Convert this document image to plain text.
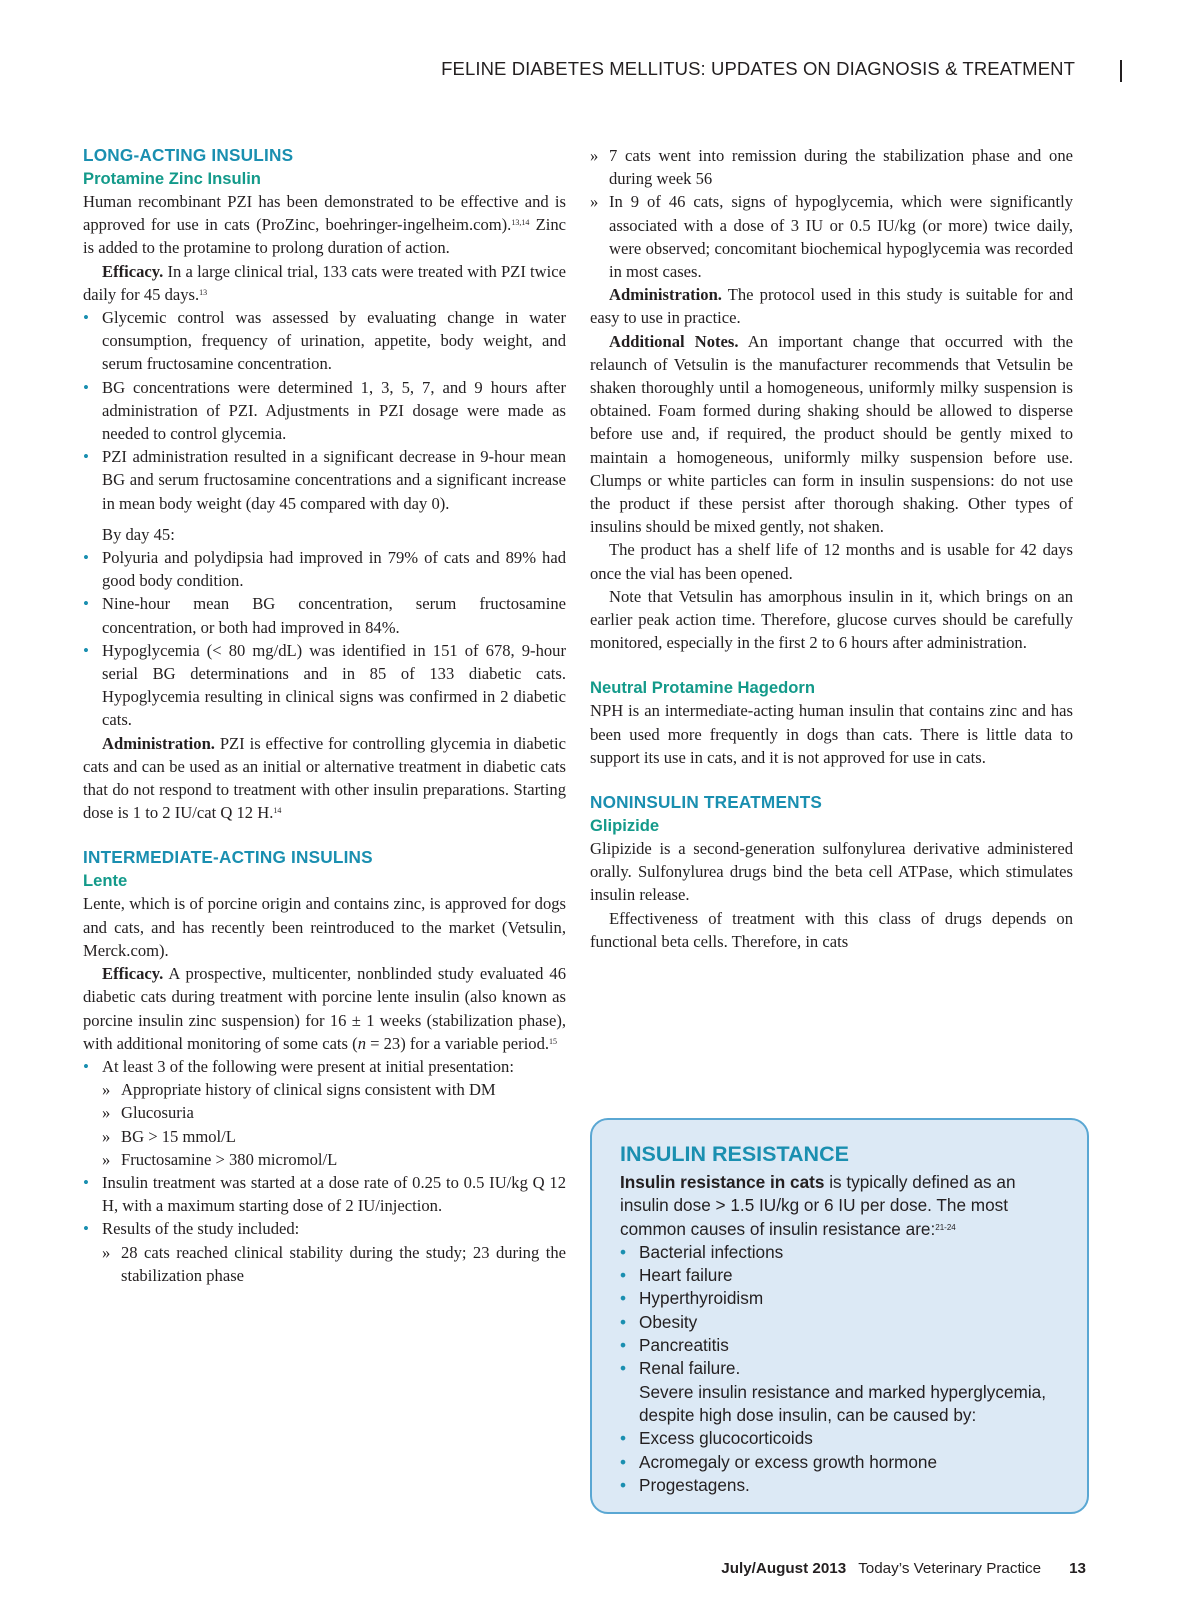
FELINE DIABETES MELLITUS: UPDATES ON DIAGNOSIS & TREATMENT
LONG-ACTING INSULINS
Protamine Zinc Insulin

Human recombinant PZI has been demonstrated to be effective and is approved for use in cats (ProZinc, boehringer-ingelheim.com).$^{13,14}$ Zinc is added to the protamine to prolong duration of action.

Efficacy. In a large clinical trial, 133 cats were treated with PZI twice daily for 45 days.$^{13}$

• Glycemic control was assessed by evaluating change in water consumption, frequency of urination, appetite, body weight, and serum fructosamine concentration.
• BG concentrations were determined 1, 3, 5, 7, and 9 hours after administration of PZI. Adjustments in PZI dosage were made as needed to control glycemia.
• PZI administration resulted in a significant decrease in 9-hour mean BG and serum fructosamine concentrations and a significant increase in mean body weight (day 45 compared with day 0).
By day 45:
• Polyuria and polydipsia had improved in 79% of cats and 89% had good body condition.
• Nine-hour mean BG concentration, serum fructosamine concentration, or both had improved in 84%.
• Hypoglycemia (< 80 mg/dL) was identified in 151 of 678, 9-hour serial BG determinations and in 85 of 133 diabetic cats. Hypoglycemia resulting in clinical signs was confirmed in 2 diabetic cats.

Administration. PZI is effective for controlling glycemia in diabetic cats and can be used as an initial or alternative treatment in diabetic cats that do not respond to treatment with other insulin preparations. Starting dose is 1 to 2 IU/cat Q 12 H.$^{14}$

INTERMEDIATE-ACTING INSULINS
Lente

Lente, which is of porcine origin and contains zinc, is approved for dogs and cats, and has recently been reintroduced to the market (Vetsulin, Merck.com).

Efficacy. A prospective, multicenter, nonblinded study evaluated 46 diabetic cats during treatment with porcine lente insulin (also known as porcine insulin zinc suspension) for 16 ± 1 weeks (stabilization phase), with additional monitoring of some cats (n = 23) for a variable period.$^{15}$

• At least 3 of the following were present at initial presentation:
» Appropriate history of clinical signs consistent with DM
» Glucosuria
» BG > 15 mmol/L
» Fructosamine > 380 micromol/L
• Insulin treatment was started at a dose rate of 0.25 to 0.5 IU/kg Q 12 H, with a maximum starting dose of 2 IU/injection.
• Results of the study included:
» 28 cats reached clinical stability during the study; 23 during the stabilization phase
» 7 cats went into remission during the stabilization phase and one during week 56
» In 9 of 46 cats, signs of hypoglycemia, which were significantly associated with a dose of 3 IU or 0.5 IU/kg (or more) twice daily, were observed; concomitant biochemical hypoglycemia was recorded in most cases.

Administration. The protocol used in this study is suitable for and easy to use in practice.

Additional Notes. An important change that occurred with the relaunch of Vetsulin is the manufacturer recommends that Vetsulin be shaken thoroughly until a homogeneous, uniformly milky suspension is obtained. Foam formed during shaking should be allowed to disperse before use and, if required, the product should be gently mixed to maintain a homogeneous, uniformly milky suspension before use. Clumps or white particles can form in insulin suspensions: do not use the product if these persist after thorough shaking. Other types of insulins should be mixed gently, not shaken.

The product has a shelf life of 12 months and is usable for 42 days once the vial has been opened.

Note that Vetsulin has amorphous insulin in it, which brings on an earlier peak action time. Therefore, glucose curves should be carefully monitored, especially in the first 2 to 6 hours after administration.

Neutral Protamine Hagedorn

NPH is an intermediate-acting human insulin that contains zinc and has been used more frequently in dogs than cats. There is little data to support its use in cats, and it is not approved for use in cats.

NONINSULIN TREATMENTS
Glipizide

Glipizide is a second-generation sulfonylurea derivative administered orally. Sulfonylurea drugs bind the beta cell ATPase, which stimulates insulin release.

Effectiveness of treatment with this class of drugs depends on functional beta cells. Therefore, in cats

INSULIN RESISTANCE

Insulin resistance in cats is typically defined as an insulin dose > 1.5 IU/kg or 6 IU per dose. The most common causes of insulin resistance are:$^{21-24}$

• Bacterial infections
• Heart failure
• Hyperthyroidism
• Obesity
• Pancreatitis
• Renal failure.

Severe insulin resistance and marked hyperglycemia, despite high dose insulin, can be caused by:

• Excess glucocorticoids
• Acromegaly or excess growth hormone
• Progestagens.
July/August 2013 Today’s Veterinary Practice 13
